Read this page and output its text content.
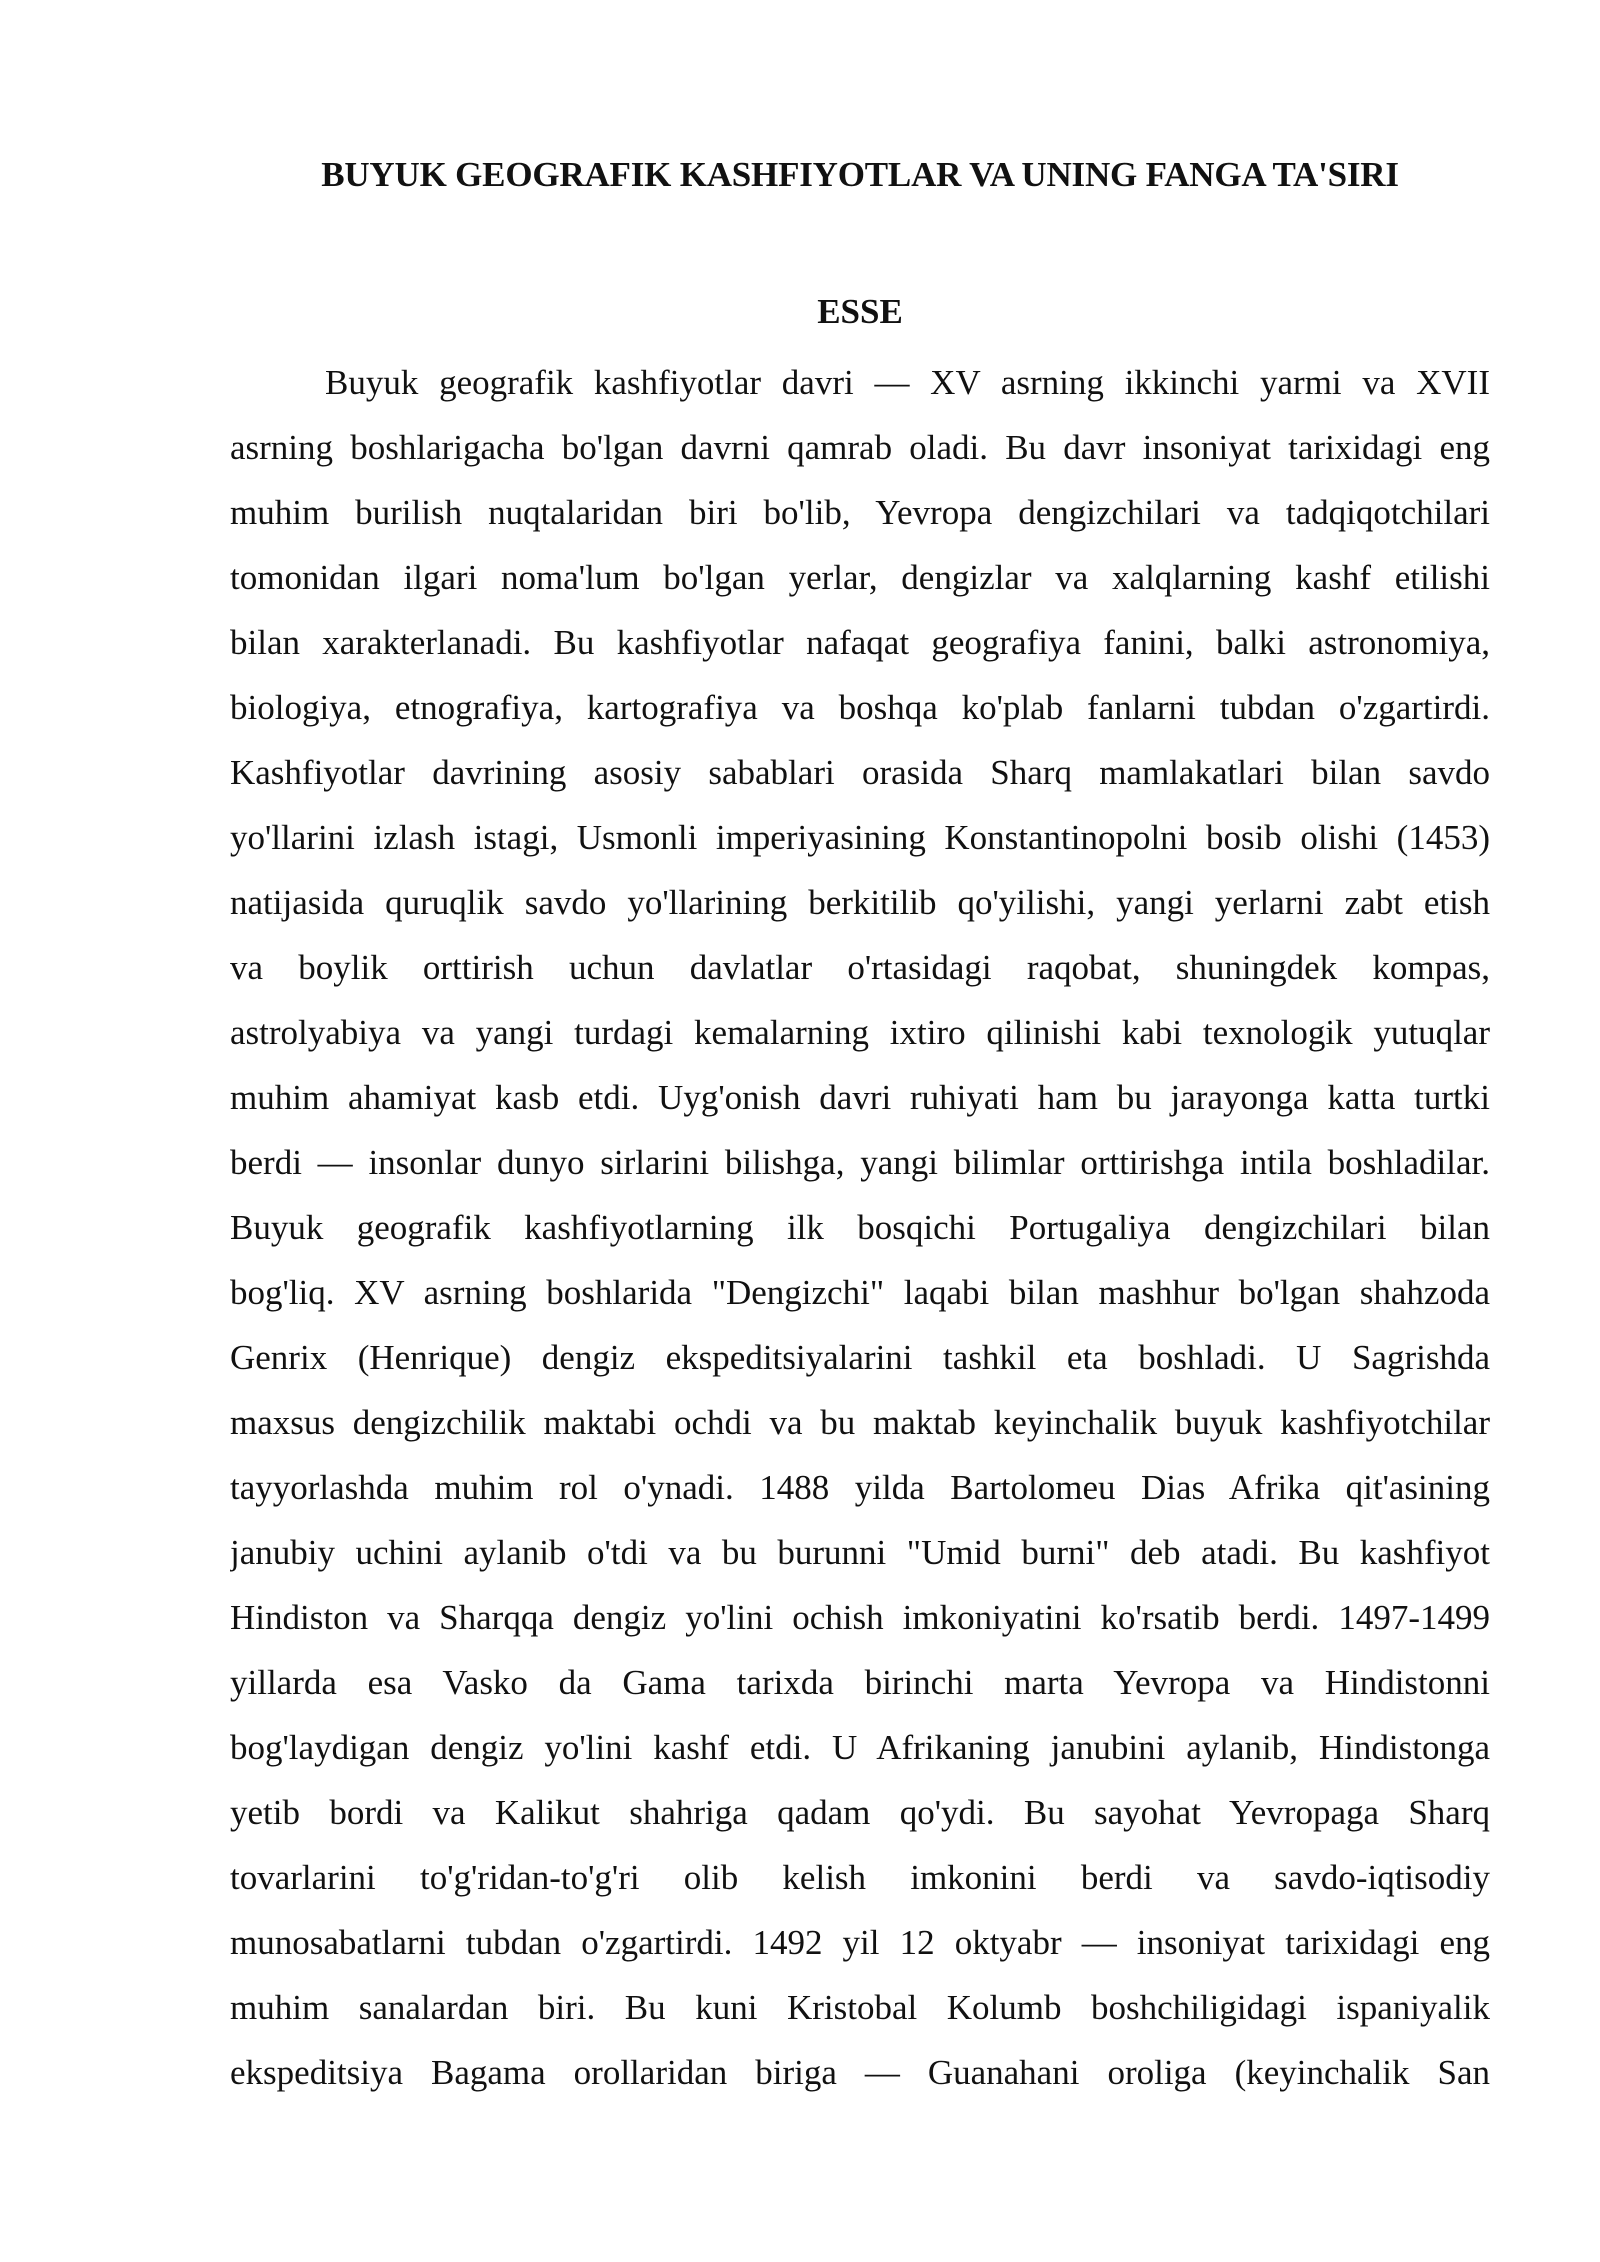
BUYUK GEOGRAFIK KASHFIYOTLAR VA UNING FANGA TA'SIRI
ESSE
Buyuk geografik kashfiyotlar davri — XV asrning ikkinchi yarmi va XVII
asrning boshlarigacha bo'lgan davrni qamrab oladi. Bu davr insoniyat tarixidagi eng
muhim burilish nuqtalaridan biri bo'lib, Yevropa dengizchilari va tadqiqotchilari
tomonidan ilgari noma'lum bo'lgan yerlar, dengizlar va xalqlarning kashf etilishi
bilan xarakterlanadi. Bu kashfiyotlar nafaqat geografiya fanini, balki astronomiya,
biologiya, etnografiya, kartografiya va boshqa ko'plab fanlarni tubdan o'zgartirdi.
Kashfiyotlar davrining asosiy sabablari orasida Sharq mamlakatlari bilan savdo
yo'llarini izlash istagi, Usmonli imperiyasining Konstantinopolni bosib olishi (1453)
natijasida quruqlik savdo yo'llarining berkitilib qo'yilishi, yangi yerlarni zabt etish
va boylik orttirish uchun davlatlar o'rtasidagi raqobat, shuningdek kompas,
astrolyabiya va yangi turdagi kemalarning ixtiro qilinishi kabi texnologik yutuqlar
muhim ahamiyat kasb etdi. Uyg'onish davri ruhiyati ham bu jarayonga katta turtki
berdi — insonlar dunyo sirlarini bilishga, yangi bilimlar orttirishga intila boshladilar.
Buyuk geografik kashfiyotlarning ilk bosqichi Portugaliya dengizchilari bilan
bog'liq. XV asrning boshlarida "Dengizchi" laqabi bilan mashhur bo'lgan shahzoda
Genrix (Henrique) dengiz ekspeditsiyalarini tashkil eta boshladi. U Sagrishda
maxsus dengizchilik maktabi ochdi va bu maktab keyinchalik buyuk kashfiyotchilar
tayyorlashda muhim rol o'ynadi. 1488 yilda Bartolomeu Dias Afrika qit'asining
janubiy uchini aylanib o'tdi va bu burunni "Umid burni" deb atadi. Bu kashfiyot
Hindiston va Sharqqa dengiz yo'lini ochish imkoniyatini ko'rsatib berdi. 1497-1499
yillarda esa Vasko da Gama tarixda birinchi marta Yevropa va Hindistonni
bog'laydigan dengiz yo'lini kashf etdi. U Afrikaning janubini aylanib, Hindistonga
yetib bordi va Kalikut shahriga qadam qo'ydi. Bu sayohat Yevropaga Sharq
tovarlarini to'g'ridan-to'g'ri olib kelish imkonini berdi va savdo-iqtisodiy
munosabatlarni tubdan o'zgartirdi. 1492 yil 12 oktyabr — insoniyat tarixidagi eng
muhim sanalardan biri. Bu kuni Kristobal Kolumb boshchiligidagi ispaniyalik
ekspeditsiya Bagama orollaridan biriga — Guanahani oroliga (keyinchalik San
